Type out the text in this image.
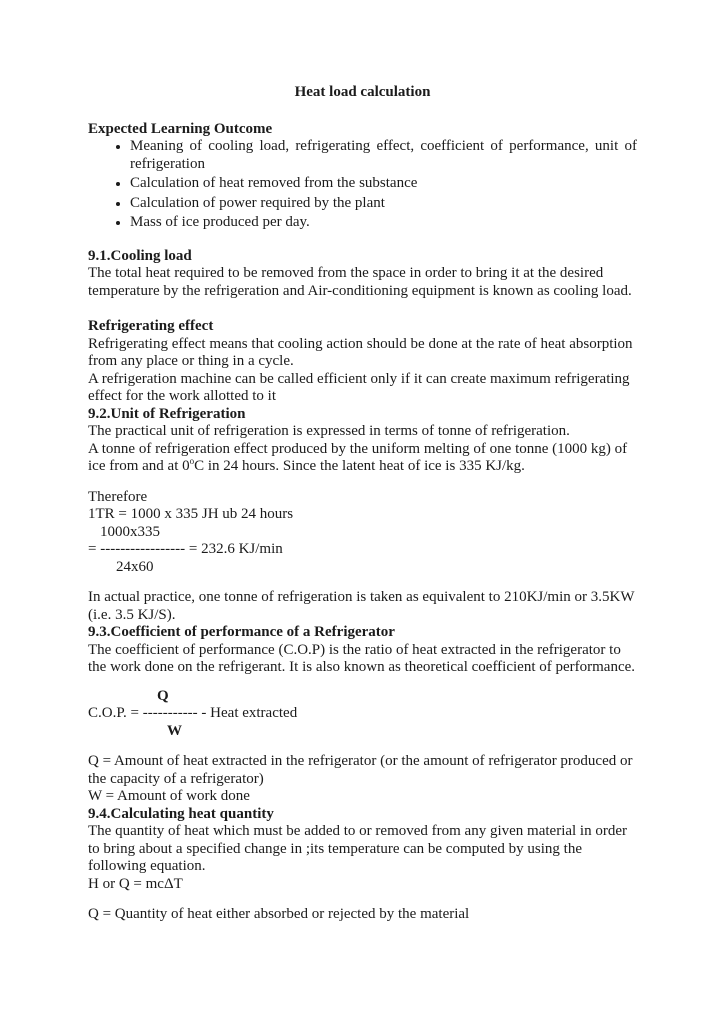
Heat load calculation
Expected Learning Outcome
• Meaning of cooling load, refrigerating effect, coefficient of performance, unit of refrigeration
• Calculation of heat removed from the substance
• Calculation of power required by the plant
• Mass of ice produced per day.
9.1.Cooling load

The total heat required to be removed from the space in order to bring it at the desired temperature by the refrigeration and Air-conditioning equipment is known as cooling load.

Refrigerating effect

Refrigerating effect means that cooling action should be done at the rate of heat absorption from any place or thing in a cycle.

A refrigeration machine can be called efficient only if it can create maximum refrigerating effect for the work allotted to it

9.2.Unit of Refrigeration

The practical unit of refrigeration is expressed in terms of tonne of refrigeration.

A tonne of refrigeration effect produced by the uniform melting of one tonne (1000 kg) of ice from and at 0$^o$C in 24 hours. Since the latent heat of ice is 335 KJ/kg.

Therefore

1TR = 1000 x 335 JH ub 24 hours

1000x335

= ----------------- = 232.6 KJ/min

24x60

In actual practice, one tonne of refrigeration is taken as equivalent to 210KJ/min or 3.5KW (i.e. 3.5 KJ/S).

9.3.Coefficient of performance of a Refrigerator

The coefficient of performance (C.O.P) is the ratio of heat extracted in the refrigerator to the work done on the refrigerant. It is also known as theoretical coefficient of performance.

Q

C.O.P. = ----------- - Heat extracted

W

Q = Amount of heat extracted in the refrigerator (or the amount of refrigerator produced or the capacity of a refrigerator)

W = Amount of work done

9.4.Calculating heat quantity

The quantity of heat which must be added to or removed from any given material in order to bring about a specified change in ;its temperature can be computed by using the following equation.

H or Q = mcΔT

Q = Quantity of heat either absorbed or rejected by the material
